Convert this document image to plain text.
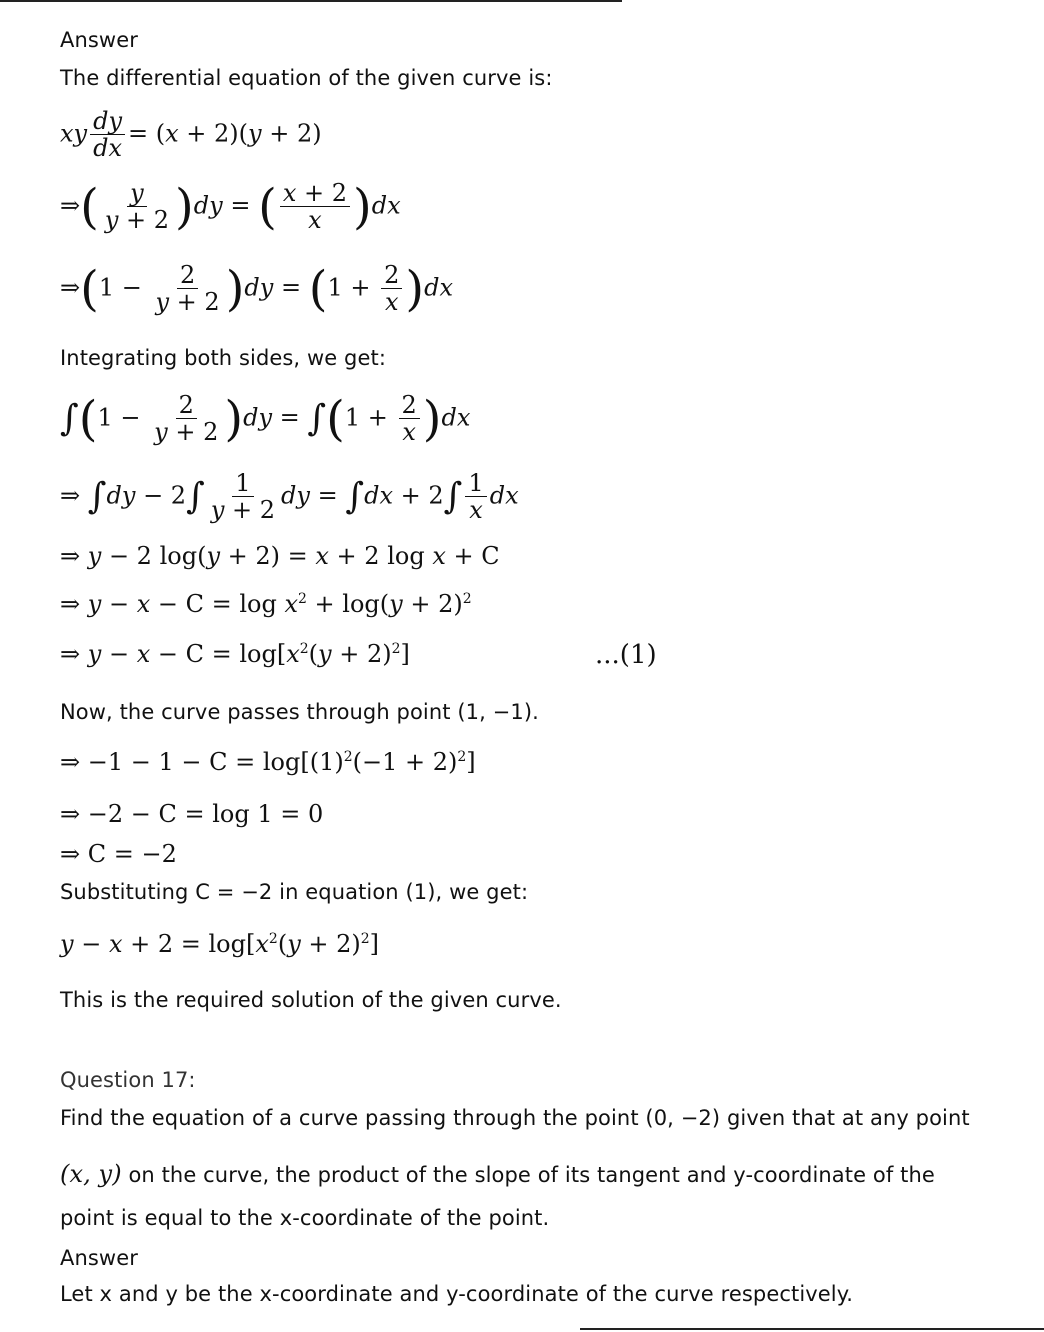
Answer
The differential equation of the given curve is:
xy $\frac{dy}{dx} = (x + 2)(y + 2)$
⇒( $\frac{y}{y + 2} )dy$ = ( $\frac{x + 2}{x} )dx$
⇒(1 − $\frac{2}{y + 2} )dy = (1 + \frac{2}{x} )dx$
Integrating both sides, we get:
$\int(1 - \frac{2}{y + 2} )dy = \int(1 + \frac{2}{x} )dx$
⇒ $\int dy - 2\int \frac{1}{y + 2}$ dy = $\int dx + 2\int \frac{1}{x}$ dx
⇒ y − 2 log(y + 2) = x + 2 log x + C
⇒ $y - x - C = \log x^2 + \log(y + 2)^2$
⇒ $y - x - C = \log[x^2(y + 2)^2]$	...(1)
Now, the curve passes through point (1, −1).
⇒ $-1 - 1 - C = \log[(1)^2(-1 + 2)^2]$
⇒ −2 − C = log 1 = 0
⇒ C = −2
Substituting C = −2 in equation (1), we get:
$y - x + 2 = \log[x^2(y + 2)^2]$
This is the required solution of the given curve.
Question 17:
Find the equation of a curve passing through the point (0, −2) given that at any point
(x, y) on the curve, the product of the slope of its tangent and y-coordinate of the
point is equal to the x-coordinate of the point.
Answer
Let x and y be the x-coordinate and y-coordinate of the curve respectively.
